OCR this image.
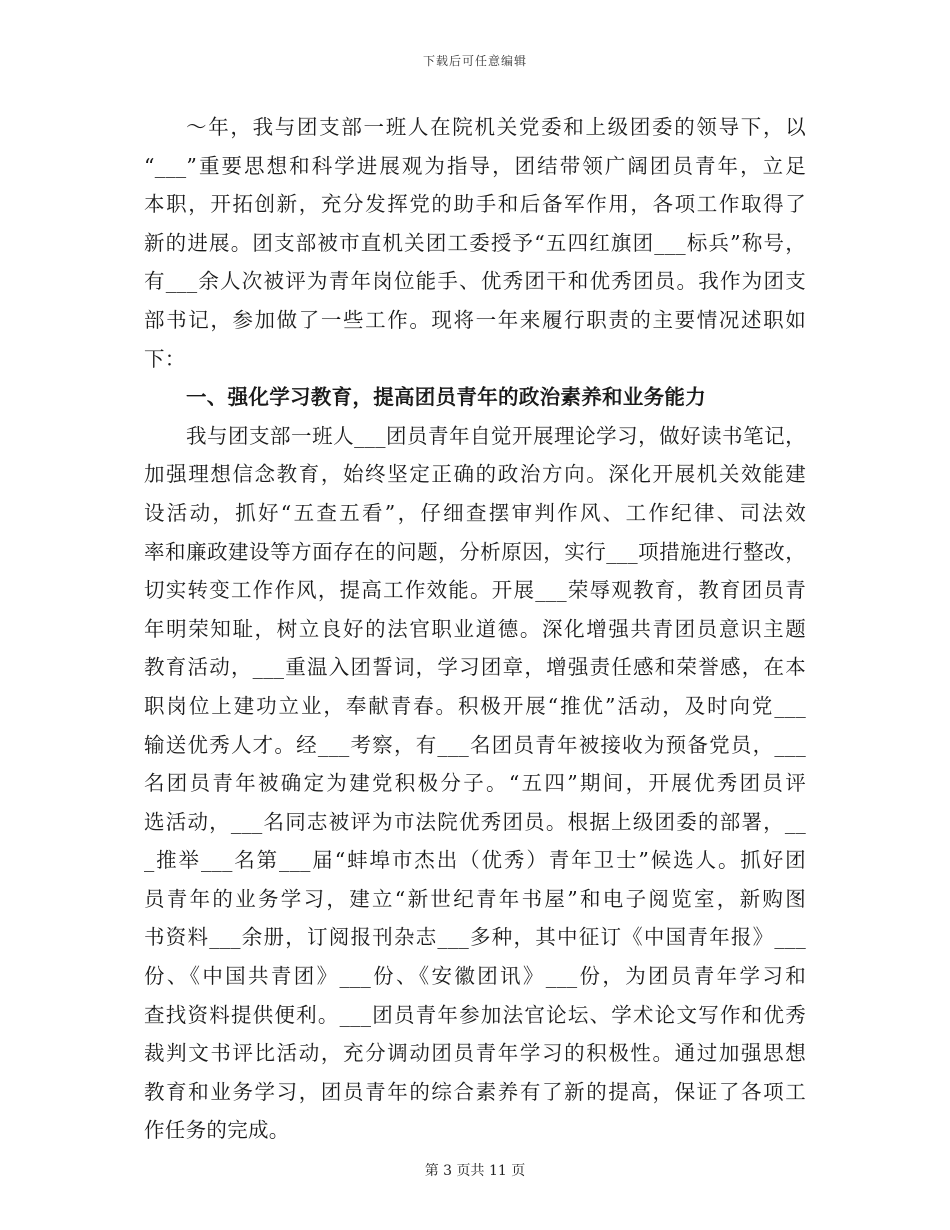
下载后可任意编辑
～年，我与团支部一班人在院机关党委和上级团委的领导下，以
“___”重要思想和科学进展观为指导，团结带领广阔团员青年，立足
本职，开拓创新，充分发挥党的助手和后备军作用，各项工作取得了
新的进展。团支部被市直机关团工委授予“五四红旗团___标兵”称号，
有___余人次被评为青年岗位能手、优秀团干和优秀团员。我作为团支
部书记，参加做了一些工作。现将一年来履行职责的主要情况述职如
下：
一、强化学习教育，提高团员青年的政治素养和业务能力
我与团支部一班人___团员青年自觉开展理论学习，做好读书笔记，
加强理想信念教育，始终坚定正确的政治方向。深化开展机关效能建
设活动，抓好“五查五看”，仔细查摆审判作风、工作纪律、司法效
率和廉政建设等方面存在的问题，分析原因，实行___项措施进行整改，
切实转变工作作风，提高工作效能。开展___荣辱观教育，教育团员青
年明荣知耻，树立良好的法官职业道德。深化增强共青团员意识主题
教育活动，___重温入团誓词，学习团章，增强责任感和荣誉感，在本
职岗位上建功立业，奉献青春。积极开展“推优”活动，及时向党___
输送优秀人才。经___考察，有___名团员青年被接收为预备党员，___
名团员青年被确定为建党积极分子。“五四”期间，开展优秀团员评
选活动，___名同志被评为市法院优秀团员。根据上级团委的部署，__
_推举___名第___届“蚌埠市杰出（优秀）青年卫士”候选人。抓好团
员青年的业务学习，建立“新世纪青年书屋”和电子阅览室，新购图
书资料___余册，订阅报刊杂志___多种，其中征订《中国青年报》___
份、《中国共青团》___份、《安徽团讯》___份，为团员青年学习和
查找资料提供便利。___团员青年参加法官论坛、学术论文写作和优秀
裁判文书评比活动，充分调动团员青年学习的积极性。通过加强思想
教育和业务学习，团员青年的综合素养有了新的提高，保证了各项工
作任务的完成。
第 3 页共 11 页
